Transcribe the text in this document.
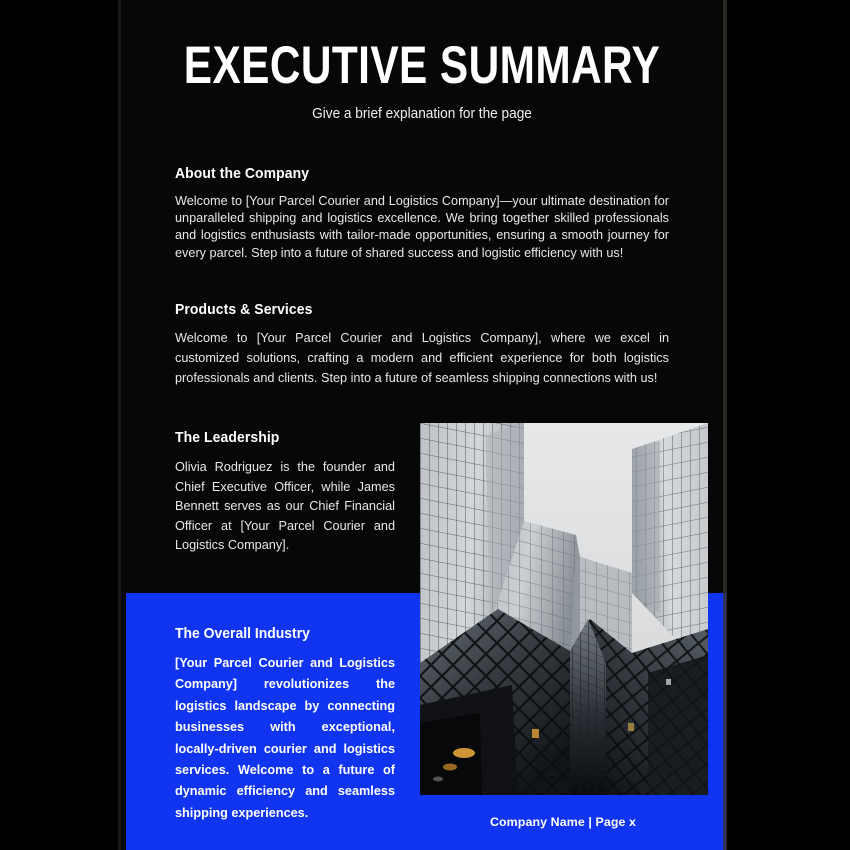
EXECUTIVE SUMMARY
Give a brief explanation for the page
About the Company
Welcome to [Your Parcel Courier and Logistics Company]—your ultimate destination for unparalleled shipping and logistics excellence. We bring together skilled professionals and logistics enthusiasts with tailor-made opportunities, ensuring a smooth journey for every parcel. Step into a future of shared success and logistic efficiency with us!
Products & Services
Welcome to [Your Parcel Courier and Logistics Company], where we excel in customized solutions, crafting a modern and efficient experience for both logistics professionals and clients. Step into a future of seamless shipping connections with us!
The Leadership
Olivia Rodriguez is the founder and Chief Executive Officer, while James Bennett serves as our Chief Financial Officer at [Your Parcel Courier and Logistics Company].
The Overall Industry
[Your Parcel Courier and Logistics Company] revolutionizes the logistics landscape by connecting businesses with exceptional, locally-driven courier and logistics services. Welcome to a future of dynamic efficiency and seamless shipping experiences.
Company Name | Page x
